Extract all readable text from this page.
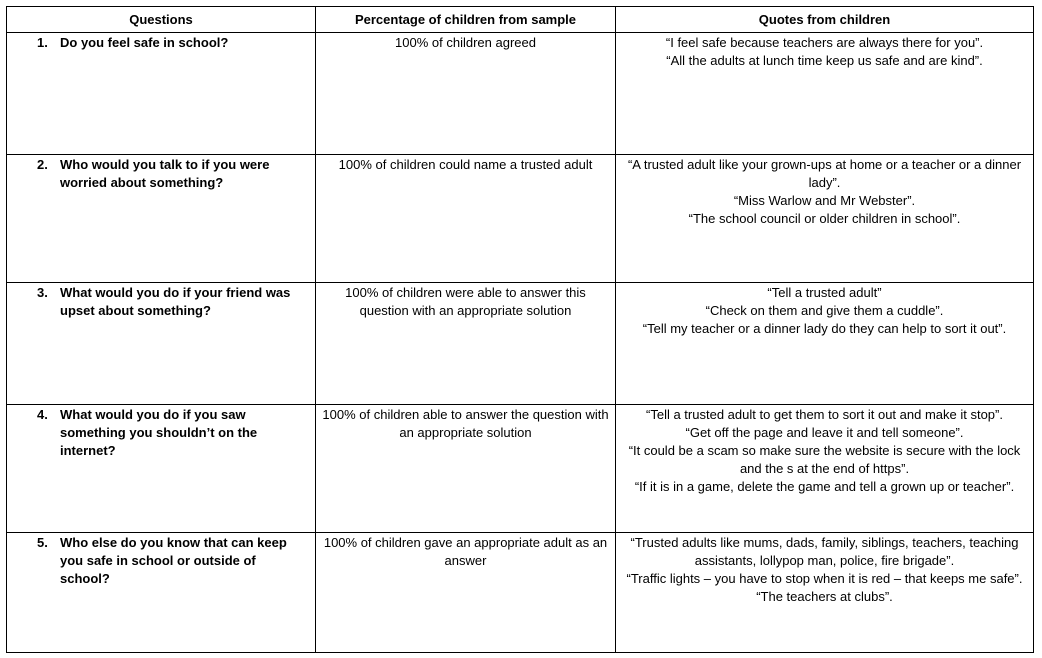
Questions	Percentage of children from sample	Quotes from children

1. Do you feel safe in school?	100% of children agreed	“I feel safe because teachers are always there for you”.
“All the adults at lunch time keep us safe and are kind”.

2. Who would you talk to if you were worried about something?	100% of children could name a trusted adult	“A trusted adult like your grown-ups at home or a teacher or a dinner lady”.
“Miss Warlow and Mr Webster”.
“The school council or older children in school”.

3. What would you do if your friend was upset about something?	100% of children were able to answer this question with an appropriate solution	“Tell a trusted adult”
“Check on them and give them a cuddle”.
“Tell my teacher or a dinner lady do they can help to sort it out”.

4. What would you do if you saw something you shouldn’t on the internet?	100% of children able to answer the question with an appropriate solution	“Tell a trusted adult to get them to sort it out and make it stop”.
“Get off the page and leave it and tell someone”.
“It could be a scam so make sure the website is secure with the lock and the s at the end of https”.
“If it is in a game, delete the game and tell a grown up or teacher”.

5. Who else do you know that can keep you safe in school or outside of school?	100% of children gave an appropriate adult as an answer	“Trusted adults like mums, dads, family, siblings, teachers, teaching assistants, lollypop man, police, fire brigade”.
“Traffic lights – you have to stop when it is red – that keeps me safe”.
“The teachers at clubs”.
